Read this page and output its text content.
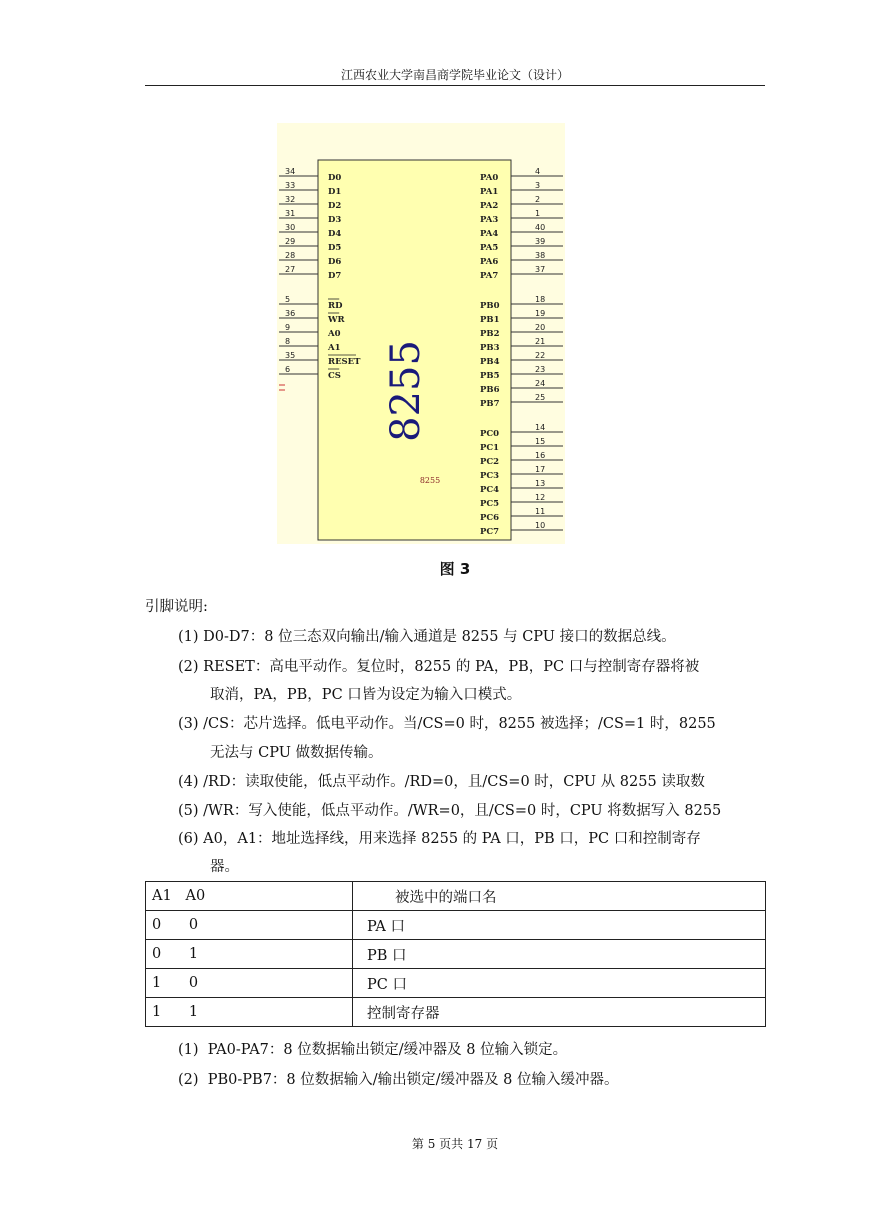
江西农业大学南昌商学院毕业论文（设计）
8255
8255
34
D0
33
D1
32
D2
31
D3
30
D4
29
D5
28
D6
27
D7
5
RD
36
WR
9
A0
8
A1
35
RESET
6
CS
4
PA0
3
PA1
2
PA2
1
PA3
40
PA4
39
PA5
38
PA6
37
PA7
18
PB0
19
PB1
20
PB2
21
PB3
22
PB4
23
PB5
24
PB6
25
PB7
14
PC0
15
PC1
16
PC2
17
PC3
13
PC4
12
PC5
11
PC6
10
PC7
图 3
引脚说明:
(1) D0-D7：8 位三态双向输出/输入通道是 8255 与 CPU 接口的数据总线。
(2) RESET：高电平动作。复位时，8255 的 PA，PB，PC 口与控制寄存器将被
取消，PA，PB，PC 口皆为设定为输入口模式。
(3) /CS：芯片选择。低电平动作。当/CS=0 时，8255 被选择；/CS=1 时，8255
无法与 CPU 做数据传输。
(4) /RD：读取使能，低点平动作。/RD=0，且/CS=0 时，CPU 从 8255 读取数
(5) /WR：写入使能，低点平动作。/WR=0，且/CS=0 时，CPU 将数据写入 8255
(6) A0，A1：地址选择线，用来选择 8255 的 PA 口，PB 口，PC 口和控制寄存
器。
A1   A0	被选中的端口名
0      0	PA 口
0      1	PB 口
1      0	PC 口
1      1	控制寄存器
(1)  PA0-PA7：8 位数据输出锁定/缓冲器及 8 位输入锁定。
(2)  PB0-PB7：8 位数据输入/输出锁定/缓冲器及 8 位输入缓冲器。
第 5 页共 17 页
